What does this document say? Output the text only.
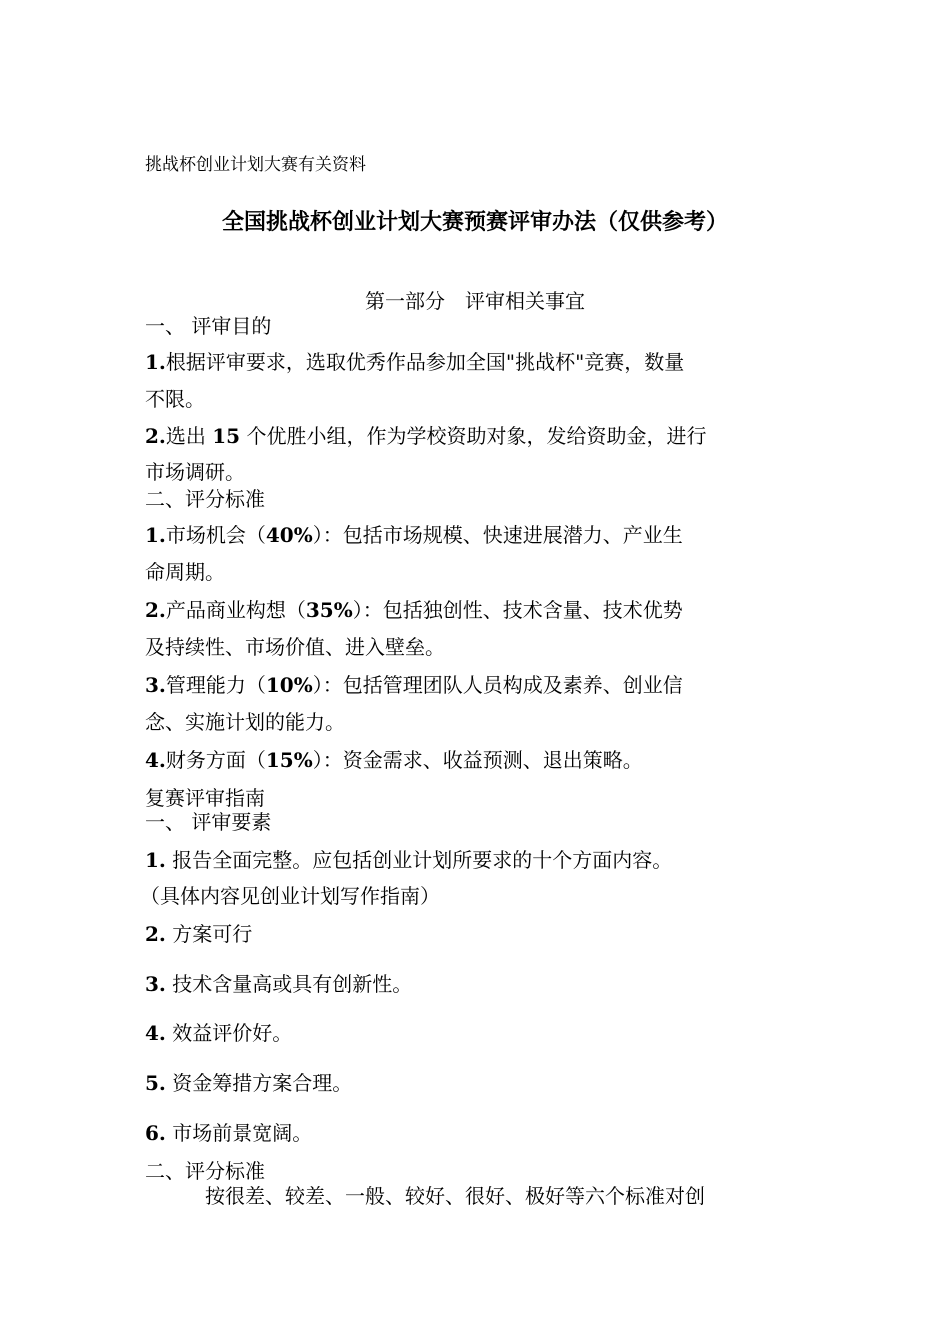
挑战杯创业计划大赛有关资料
全国挑战杯创业计划大赛预赛评审办法（仅供参考）
第一部分　评审相关事宜
一、 评审目的
1.根据评审要求，选取优秀作品参加全国"挑战杯"竞赛，数量
不限。
2.选出 15 个优胜小组，作为学校资助对象，发给资助金，进行
市场调研。
二、评分标准
1.市场机会（40%）：包括市场规模、快速进展潜力、产业生
命周期。
2.产品商业构想（35%）：包括独创性、技术含量、技术优势
及持续性、市场价值、进入壁垒。
3.管理能力（10%）：包括管理团队人员构成及素养、创业信
念、实施计划的能力。
4.财务方面（15%）：资金需求、收益预测、退出策略。
复赛评审指南
一、 评审要素
1. 报告全面完整。应包括创业计划所要求的十个方面内容。
（具体内容见创业计划写作指南）
2. 方案可行
3. 技术含量高或具有创新性。
4. 效益评价好。
5. 资金筹措方案合理。
6. 市场前景宽阔。
二、评分标准
按很差、较差、一般、较好、很好、极好等六个标准对创
